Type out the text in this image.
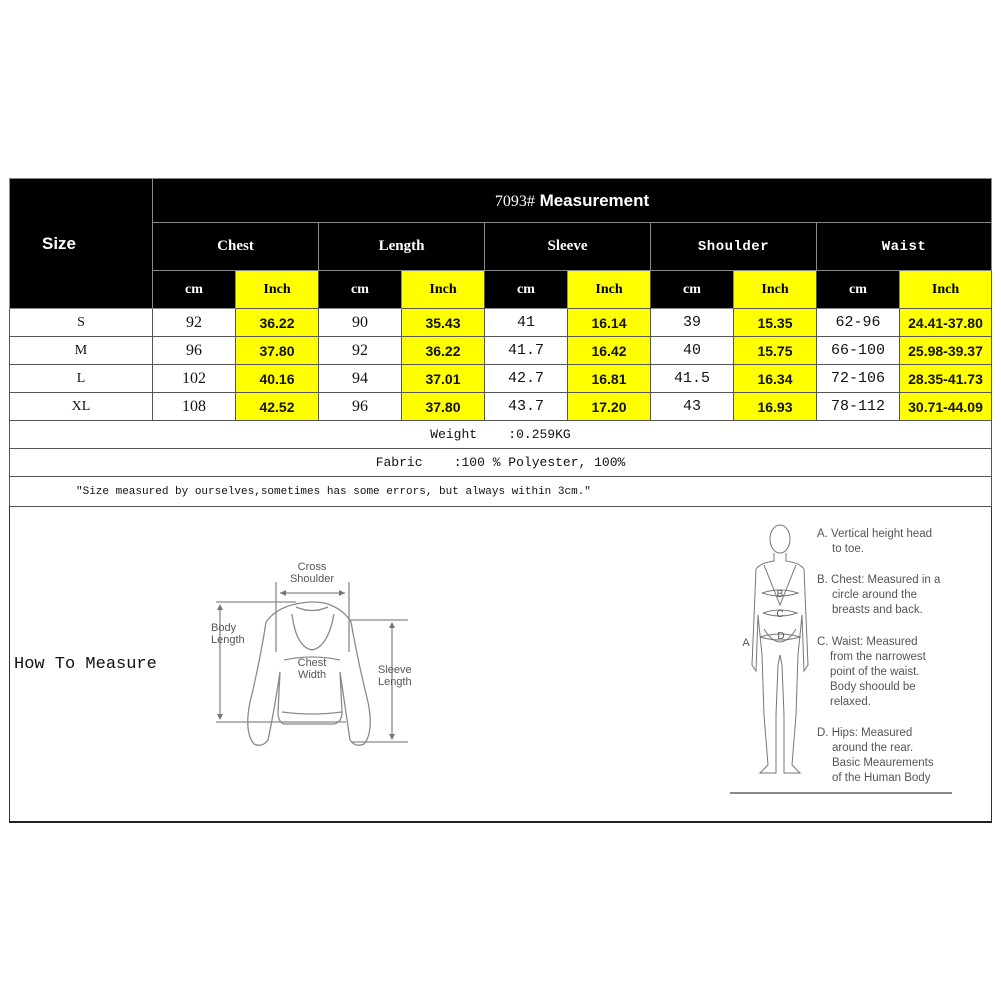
Size	7093# Measurement									
	Chest		Length		Sleeve		Shoulder		Waist	
	cm	Inch	cm	Inch	cm	Inch	cm	Inch	cm	Inch
S	92	36.22	90	35.43	41	16.14	39	15.35	62-96	24.41-37.80
M	96	37.80	92	36.22	41.7	16.42	40	15.75	66-100	25.98-39.37
L	102	40.16	94	37.01	42.7	16.81	41.5	16.34	72-106	28.35-41.73
XL	108	42.52	96	37.80	43.7	17.20	43	16.93	78-112	30.71-44.09
Weight    :0.259KG										
Fabric    :100 % Polyester, 100%										
"Size measured by ourselves,sometimes has some errors, but always within 3cm."										

How To Measure
Cross
Shoulder
Body
Length
Chest
Width	Sleeve
Length
B
C
D
A
A. Vertical height head
to toe.
B. Chest: Measured in a
circle around the
breasts and back.
C. Waist: Measured
from the narrowest
point of the waist.
Body shoould be
relaxed.
D. Hips: Measured
around the rear.
Basic Meaurements
of the Human Body
